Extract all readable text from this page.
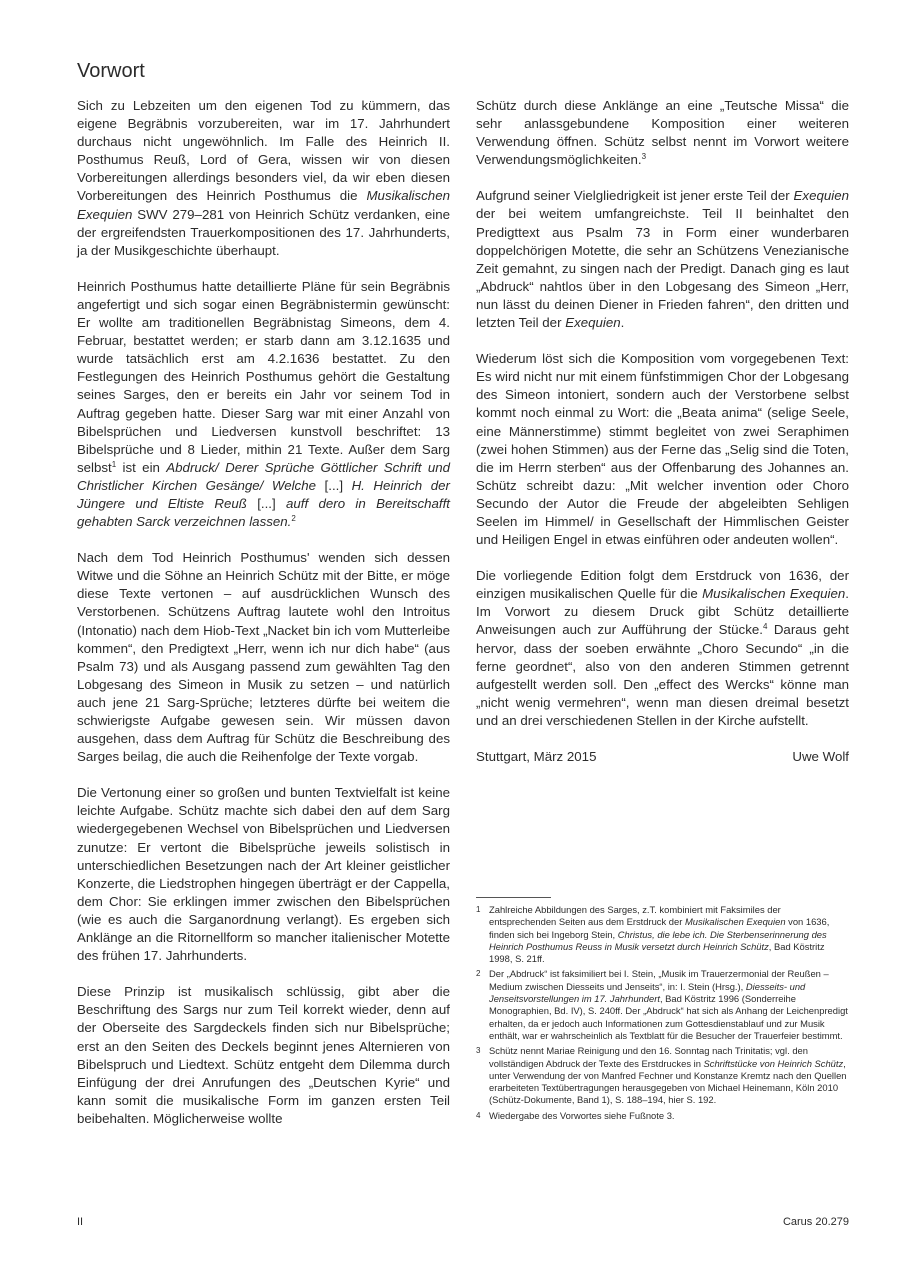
Vorwort

Sich zu Lebzeiten um den eigenen Tod zu kümmern, das eigene Begräbnis vorzubereiten, war im 17. Jahrhundert durchaus nicht ungewöhnlich. Im Falle des Heinrich II. Posthumus Reuß, Lord of Gera, wissen wir von diesen Vorbereitungen allerdings besonders viel, da wir eben diesen Vorbereitungen des Heinrich Posthumus die Musikalischen Exequien SWV 279–281 von Heinrich Schütz verdanken, eine der ergreifendsten Trauerkompositionen des 17. Jahrhunderts, ja der Musikgeschichte überhaupt.

Heinrich Posthumus hatte detaillierte Pläne für sein Begräbnis angefertigt und sich sogar einen Begräbnistermin gewünscht: Er wollte am traditionellen Begräbnistag Simeons, dem 4. Februar, bestattet werden; er starb dann am 3.12.1635 und wurde tatsächlich erst am 4.2.1636 bestattet. Zu den Festlegungen des Heinrich Posthumus gehört die Gestaltung seines Sarges, den er bereits ein Jahr vor seinem Tod in Auftrag gegeben hatte. Dieser Sarg war mit einer Anzahl von Bibelsprüchen und Liedversen kunstvoll beschriftet: 13 Bibelsprüche und 8 Lieder, mithin 21 Texte. Außer dem Sarg selbst$^1$ ist ein Abdruck/ Derer Sprüche Göttlicher Schrift und Christlicher Kirchen Gesänge/ Welche [...] H. Heinrich der Jüngere und Eltiste Reuß [...] auff dero in Bereitschafft gehabten Sarck verzeichnen lassen.$^2$

Nach dem Tod Heinrich Posthumus' wenden sich dessen Witwe und die Söhne an Heinrich Schütz mit der Bitte, er möge diese Texte vertonen – auf ausdrücklichen Wunsch des Verstorbenen. Schützens Auftrag lautete wohl den Introitus (Intonatio) nach dem Hiob-Text „Nacket bin ich vom Mutterleibe kommen“, den Predigtext „Herr, wenn ich nur dich habe“ (aus Psalm 73) und als Ausgang passend zum gewählten Tag den Lobgesang des Simeon in Musik zu setzen – und natürlich auch jene 21 Sarg-Sprüche; letzteres dürfte bei weitem die schwierigste Aufgabe gewesen sein. Wir müssen davon ausgehen, dass dem Auftrag für Schütz die Beschreibung des Sarges beilag, die auch die Reihenfolge der Texte vorgab.

Die Vertonung einer so großen und bunten Textvielfalt ist keine leichte Aufgabe. Schütz machte sich dabei den auf dem Sarg wiedergegebenen Wechsel von Bibelsprüchen und Liedversen zunutze: Er vertont die Bibelsprüche jeweils solistisch in unterschiedlichen Besetzungen nach der Art kleiner geistlicher Konzerte, die Liedstrophen hingegen überträgt er der Cappella, dem Chor: Sie erklingen immer zwischen den Bibelsprüchen (wie es auch die Sarganordnung verlangt). Es ergeben sich Anklänge an die Ritornellform so mancher italienischer Motette des frühen 17. Jahrhunderts.

Diese Prinzip ist musikalisch schlüssig, gibt aber die Beschriftung des Sargs nur zum Teil korrekt wieder, denn auf der Oberseite des Sargdeckels finden sich nur Bibelsprüche; erst an den Seiten des Deckels beginnt jenes Alternieren von Bibelspruch und Liedtext. Schütz entgeht dem Dilemma durch Einfügung der drei Anrufungen des „Deutschen Kyrie“ und kann somit die musikalische Form im ganzen ersten Teil beibehalten. Möglicherweise wollte

Schütz durch diese Anklänge an eine „Teutsche Missa“ die sehr anlassgebundene Komposition einer weiteren Verwendung öffnen. Schütz selbst nennt im Vorwort weitere Verwendungsmöglichkeiten.$^3$

Aufgrund seiner Vielgliedrigkeit ist jener erste Teil der Exequien der bei weitem umfangreichste. Teil II beinhaltet den Predigttext aus Psalm 73 in Form einer wunderbaren doppelchörigen Motette, die sehr an Schützens Venezianische Zeit gemahnt, zu singen nach der Predigt. Danach ging es laut „Abdruck“ nahtlos über in den Lobgesang des Simeon „Herr, nun lässt du deinen Diener in Frieden fahren“, den dritten und letzten Teil der Exequien.

Wiederum löst sich die Komposition vom vorgegebenen Text: Es wird nicht nur mit einem fünfstimmigen Chor der Lobgesang des Simeon intoniert, sondern auch der Verstorbene selbst kommt noch einmal zu Wort: die „Beata anima“ (selige Seele, eine Männerstimme) stimmt begleitet von zwei Seraphimen (zwei hohen Stimmen) aus der Ferne das „Selig sind die Toten, die im Herrn sterben“ aus der Offenbarung des Johannes an. Schütz schreibt dazu: „Mit welcher invention oder Choro Secundo der Autor die Freude der abgeleibten Sehligen Seelen im Himmel/ in Gesellschaft der Himmlischen Geister und Heiligen Engel in etwas einführen oder andeuten wollen“.

Die vorliegende Edition folgt dem Erstdruck von 1636, der einzigen musikalischen Quelle für die Musikalischen Exequien. Im Vorwort zu diesem Druck gibt Schütz detaillierte Anweisungen auch zur Aufführung der Stücke.$^4$ Daraus geht hervor, dass der soeben erwähnte „Choro Secundo“ „in die ferne geordnet“, also von den anderen Stimmen getrennt aufgestellt werden soll. Den „effect des Wercks“ könne man „nicht wenig vermehren“, wenn man diesen dreimal besetzt und an drei verschiedenen Stellen in der Kirche aufstellt.

Stuttgart, März 2015	Uwe Wolf

1 Zahlreiche Abbildungen des Sarges, z.T. kombiniert mit Faksimiles der entsprechenden Seiten aus dem Erstdruck der Musikalischen Exequien von 1636, finden sich bei Ingeborg Stein, Christus, die lebe ich. Die Sterbenserinnerung des Heinrich Posthumus Reuss in Musik versetzt durch Heinrich Schütz, Bad Köstritz 1998, S. 21ff.

2 Der „Abdruck“ ist faksimiliert bei I. Stein, „Musik im Trauerzermonial der Reußen – Medium zwischen Diesseits und Jenseits“, in: I. Stein (Hrsg.), Diesseits- und Jenseitsvorstellungen im 17. Jahrhundert, Bad Köstritz 1996 (Sonderreihe Monographien, Bd. IV), S. 240ff. Der „Abdruck“ hat sich als Anhang der Leichenpredigt erhalten, da er jedoch auch Informationen zum Gottesdienstablauf und zur Musik enthält, war er wahrscheinlich als Textblatt für die Besucher der Trauerfeier bestimmt.

3 Schütz nennt Mariae Reinigung und den 16. Sonntag nach Trinitatis; vgl. den vollständigen Abdruck der Texte des Erstdruckes in Schriftstücke von Heinrich Schütz, unter Verwendung der von Manfred Fechner und Konstanze Kremtz nach den Quellen erarbeiteten Textübertragungen herausgegeben von Michael Heinemann, Köln 2010 (Schütz-Dokumente, Band 1), S. 188–194, hier S. 192.

4 Wiedergabe des Vorwortes siehe Fußnote 3.

II	Carus 20.279
